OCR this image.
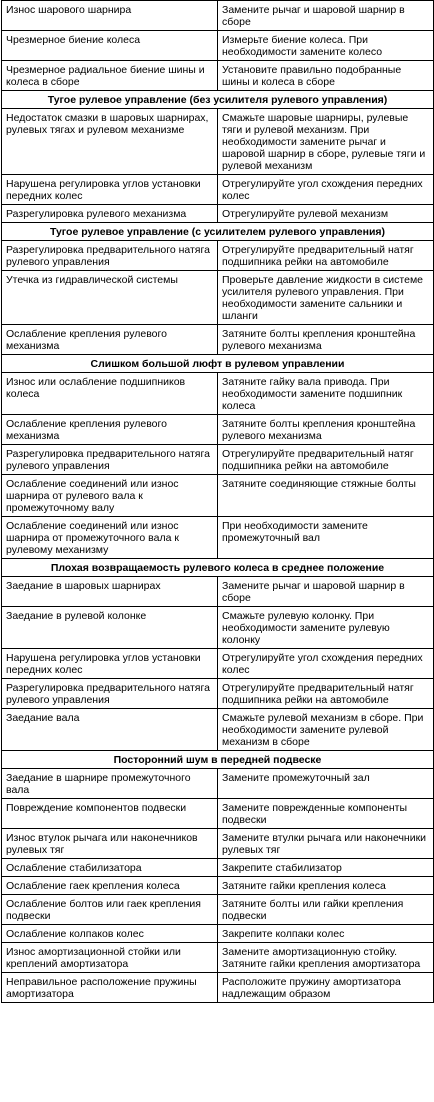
Износ шарового шарнира	Замените рычаг и шаровой шарнир в сборе
Чрезмерное биение колеса	Измерьте биение колеса. При необходимости замените колесо
Чрезмерное радиальное биение шины и колеса в сборе	Установите правильно подобранные шины и колеса в сборе
Тугое рулевое управление (без усилителя рулевого управления)	
Недостаток смазки в шаровых шарнирах, рулевых тягах и рулевом механизме	Смажьте шаровые шарниры, рулевые тяги и рулевой механизм. При необходимости замените рычаг и шаровой шарнир в сборе, рулевые тяги и рулевой механизм
Нарушена регулировка углов установки передних колес	Отрегулируйте угол схождения передних колес
Разрегулировка рулевого механизма	Отрегулируйте рулевой механизм
Тугое рулевое управление (с усилителем рулевого управления)	
Разрегулировка предварительного натяга рулевого управления	Отрегулируйте предварительный натяг подшипника рейки на автомобиле
Утечка из гидравлической системы	Проверьте давление жидкости в системе усилителя рулевого управления. При необходимости замените сальники и шланги
Ослабление крепления рулевого механизма	Затяните болты крепления кронштейна рулевого механизма
Слишком большой люфт в рулевом управлении	
Износ или ослабление подшипников колеса	Затяните гайку вала привода. При необходимости замените подшипник колеса
Ослабление крепления рулевого механизма	Затяните болты крепления кронштейна рулевого механизма
Разрегулировка предварительного натяга рулевого управления	Отрегулируйте предварительный натяг подшипника рейки на автомобиле
Ослабление соединений или износ шарнира от рулевого вала к промежуточному валу	Затяните соединяющие стяжные болты
Ослабление соединений или износ шарнира от промежуточного вала к рулевому механизму	При необходимости замените промежуточный вал
Плохая возвращаемость рулевого колеса в среднее положение	
Заедание в шаровых шарнирах	Замените рычаг и шаровой шарнир в сборе
Заедание в рулевой колонке	Смажьте рулевую колонку. При необходимости замените рулевую колонку
Нарушена регулировка углов установки передних колес	Отрегулируйте угол схождения передних колес
Разрегулировка предварительного натяга рулевого управления	Отрегулируйте предварительный натяг подшипника рейки на автомобиле
Заедание вала	Смажьте рулевой механизм в сборе. При необходимости замените рулевой механизм в сборе
Посторонний шум в передней подвеске	
Заедание в шарнире промежуточного вала	Замените промежуточный зал
Повреждение компонентов подвески	Замените поврежденные компоненты подвески
Износ втулок рычага или наконечников рулевых тяг	Замените втулки рычага или наконечники рулевых тяг
Ослабление стабилизатора	Закрепите стабилизатор
Ослабление гаек крепления колеса	Затяните гайки крепления колеса
Ослабление болтов или гаек крепления подвески	Затяните болты или гайки крепления подвески
Ослабление колпаков колес	Закрепите колпаки колес
Износ амортизационной стойки или креплений амортизатора	Замените амортизационную стойку. Затяните гайки крепления амортизатора
Неправильное расположение пружины амортизатора	Расположите пружину амортизатора надлежащим образом
